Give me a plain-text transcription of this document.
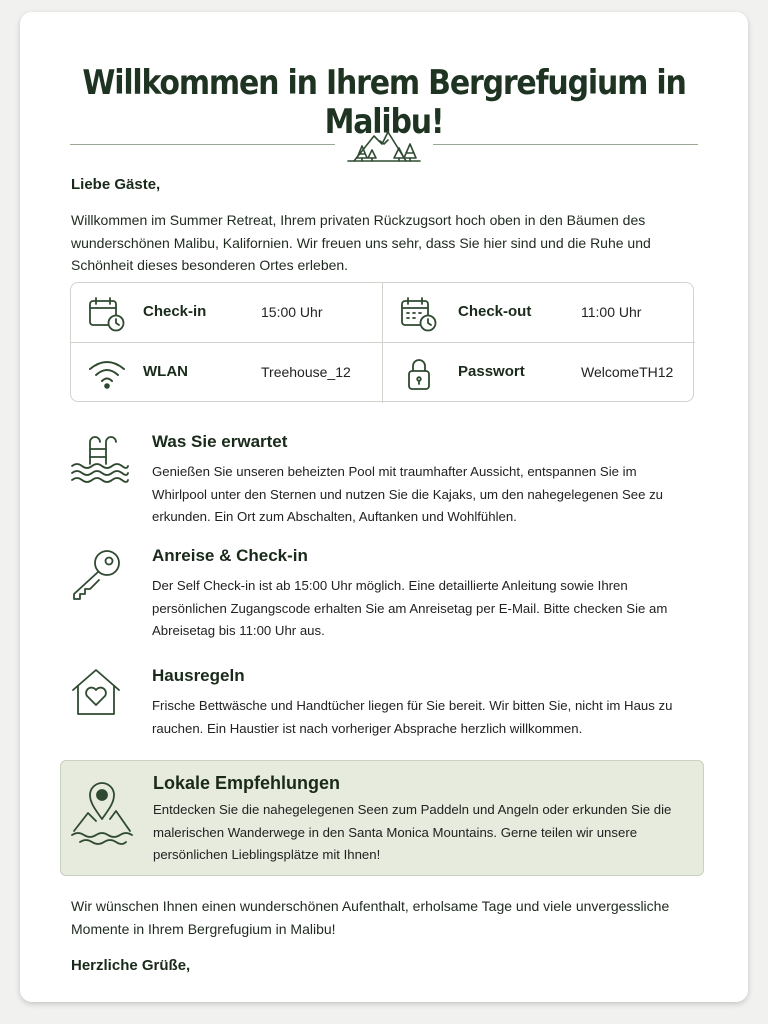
Willkommen in Ihrem Bergrefugium in Malibu!
Liebe Gäste,

Willkommen im Summer Retreat, Ihrem privaten Rückzugsort hoch oben in den Bäumen des wunderschönen Malibu, Kalifornien. Wir freuen uns sehr, dass Sie hier sind und die Ruhe und Schönheit dieses besonderen Ortes erleben.

Check-in	15:00 Uhr	Check-out	11:00 Uhr
WLAN	Treehouse_12	Passwort	WelcomeTH12
Was Sie erwartet

Genießen Sie unseren beheizten Pool mit traumhafter Aussicht, entspannen Sie im Whirlpool unter den Sternen und nutzen Sie die Kajaks, um den nahegelegenen See zu erkunden. Ein Ort zum Abschalten, Auftanken und Wohlfühlen.

Anreise & Check-in

Der Self Check-in ist ab 15:00 Uhr möglich. Eine detaillierte Anleitung sowie Ihren persönlichen Zugangscode erhalten Sie am Anreisetag per E-Mail. Bitte checken Sie am Abreisetag bis 11:00 Uhr aus.

Hausregeln

Frische Bettwäsche und Handtücher liegen für Sie bereit. Wir bitten Sie, nicht im Haus zu rauchen. Ein Haustier ist nach vorheriger Absprache herzlich willkommen.

Lokale Empfehlungen

Entdecken Sie die nahegelegenen Seen zum Paddeln und Angeln oder erkunden Sie die malerischen Wanderwege in den Santa Monica Mountains. Gerne teilen wir unsere persönlichen Lieblingsplätze mit Ihnen!

Wir wünschen Ihnen einen wunderschönen Aufenthalt, erholsame Tage und viele unvergessliche Momente in Ihrem Bergrefugium in Malibu!

Herzliche Grüße,
